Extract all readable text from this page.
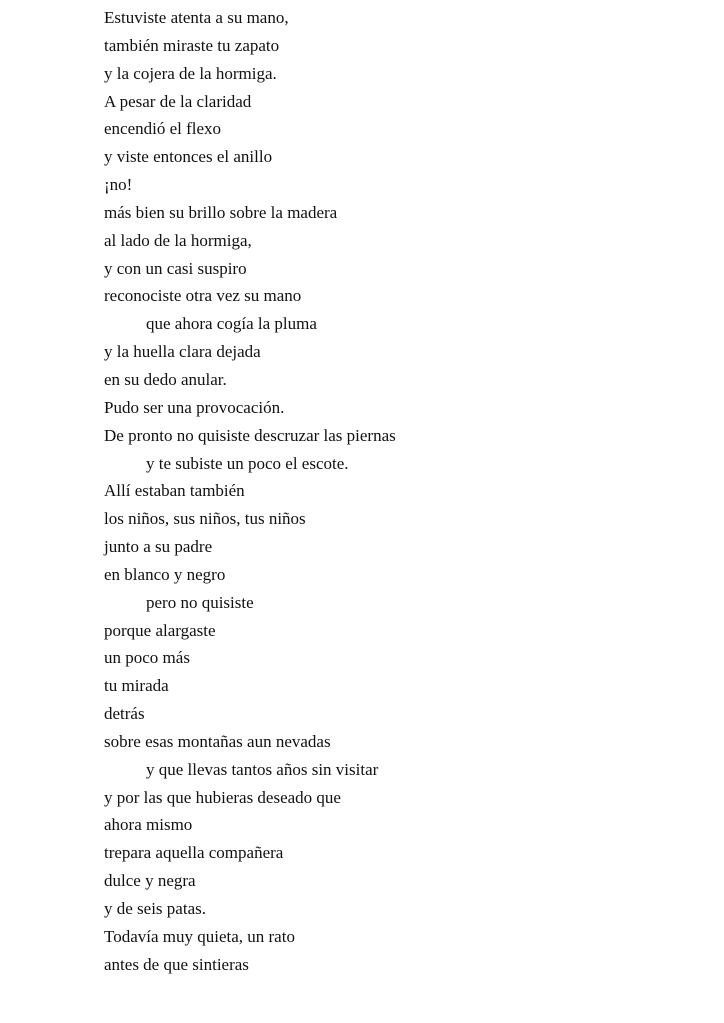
Estuviste atenta a su mano,
también miraste tu zapato
y la cojera de la hormiga.
A pesar de la claridad
encendió el flexo
y viste entonces el anillo
¡no!
más bien su brillo sobre la madera
al lado de la hormiga,
y con un casi suspiro
reconociste otra vez su mano
que ahora cogía la pluma
y la huella clara dejada
en su dedo anular.
Pudo ser una provocación.
De pronto no quisiste descruzar las piernas
y te subiste un poco el escote.
Allí estaban también
los niños, sus niños, tus niños
junto a su padre
en blanco y negro
pero no quisiste
porque alargaste
un poco más
tu mirada
detrás
sobre esas montañas aun nevadas
y que llevas tantos años sin visitar
y por las que hubieras deseado que
ahora mismo
trepara aquella compañera
dulce y negra
y de seis patas.
Todavía muy quieta, un rato
antes de que sintieras
